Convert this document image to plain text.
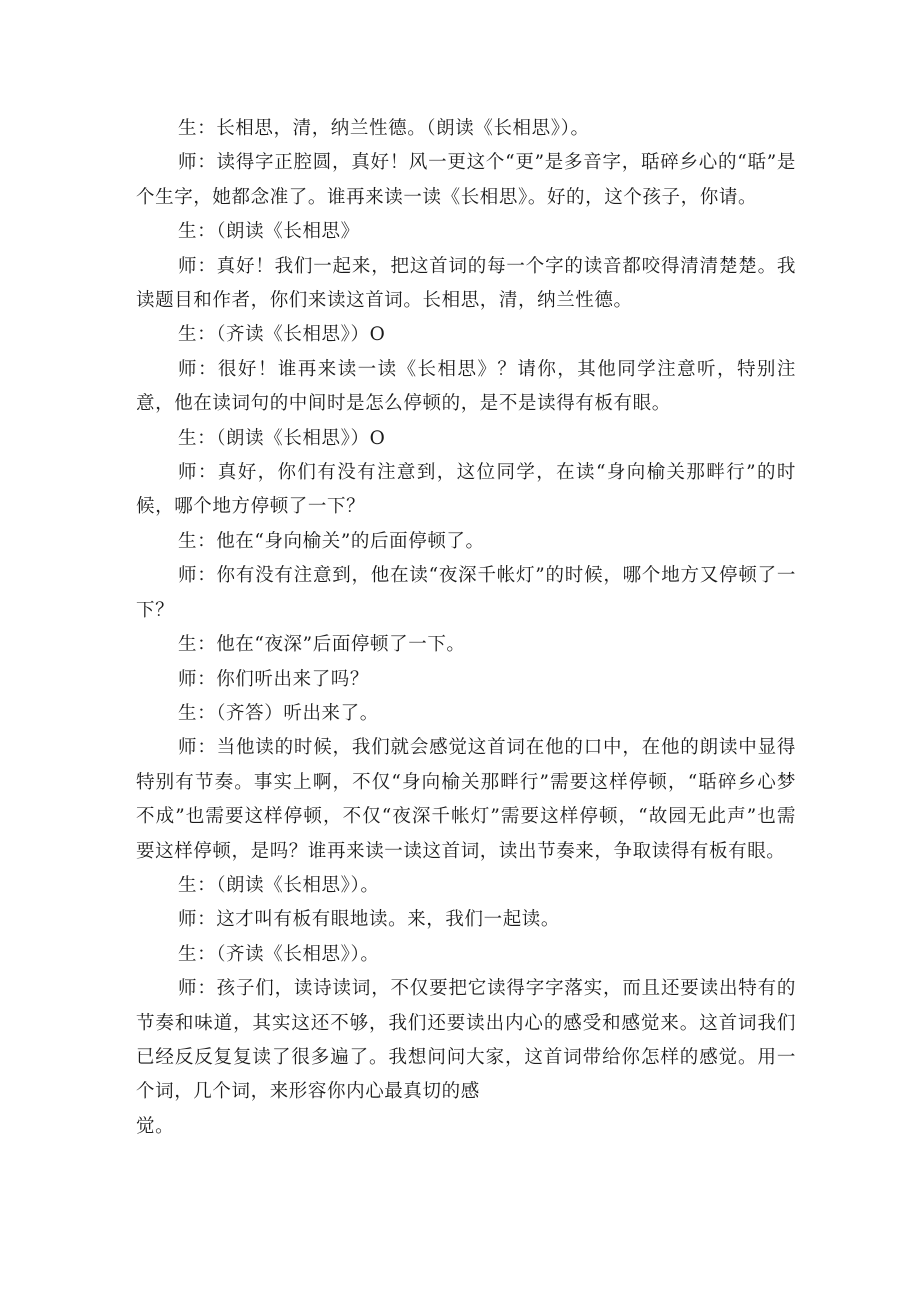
生：长相思，清，纳兰性德。（朗读《长相思》）。

师：读得字正腔圆，真好！风一更这个“更”是多音字，聒碎乡心的“聒”是个生字，她都念准了。谁再来读一读《长相思》。好的，这个孩子，你请。

生：（朗读《长相思》

师：真好！我们一起来，把这首词的每一个字的读音都咬得清清楚楚。我读题目和作者，你们来读这首词。长相思，清，纳兰性德。

生：（齐读《长相思》）O

师：很好！谁再来读一读《长相思》？请你，其他同学注意听，特别注意，他在读词句的中间时是怎么停顿的，是不是读得有板有眼。

生：（朗读《长相思》）O

师：真好，你们有没有注意到，这位同学，在读“身向榆关那畔行”的时候，哪个地方停顿了一下？

生：他在“身向榆关”的后面停顿了。

师：你有没有注意到，他在读“夜深千帐灯”的时候，哪个地方又停顿了一下？

生：他在“夜深”后面停顿了一下。

师：你们听出来了吗？

生：（齐答）听出来了。

师：当他读的时候，我们就会感觉这首词在他的口中，在他的朗读中显得特别有节奏。事实上啊，不仅“身向榆关那畔行”需要这样停顿，“聒碎乡心梦不成”也需要这样停顿，不仅“夜深千帐灯”需要这样停顿，“故园无此声”也需要这样停顿，是吗？谁再来读一读这首词，读出节奏来，争取读得有板有眼。

生：（朗读《长相思》）。

师：这才叫有板有眼地读。来，我们一起读。

生：（齐读《长相思》）。

师：孩子们，读诗读词，不仅要把它读得字字落实，而且还要读出特有的节奏和味道，其实这还不够，我们还要读出内心的感受和感觉来。这首词我们已经反反复复读了很多遍了。我想问问大家，这首词带给你怎样的感觉。用一个词，几个词，来形容你内心最真切的感

觉。
